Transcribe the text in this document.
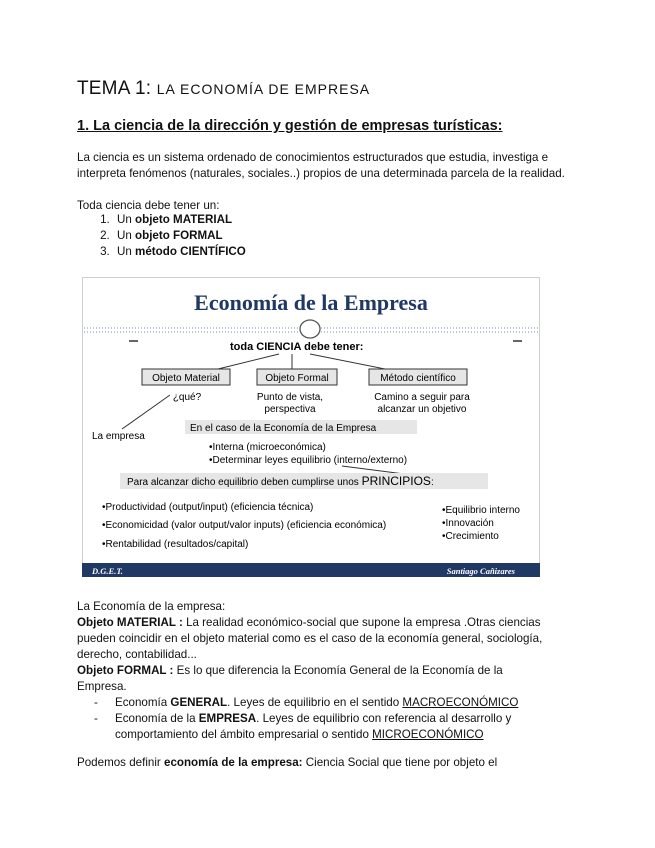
TEMA 1: LA ECONOMÍA DE EMPRESA
1. La ciencia de la dirección y gestión de empresas turísticas:
La ciencia es un sistema ordenado de conocimientos estructurados que estudia, investiga e interpreta fenómenos (naturales, sociales..) propios de una determinada parcela de la realidad.
Toda ciencia debe tener un:
1. Un objeto MATERIAL
2. Un objeto FORMAL
3. Un método CIENTÍFICO
Economía de la Empresa
toda CIENCIA debe tener:
Objeto Material	Objeto Formal	Método científico
¿qué?	Punto de vista,
perspectiva
Camino a seguir para
alcanzar un objetivo
La empresa
En el caso de la Economía de la Empresa
•Interna (microeconómica)
•Determinar leyes equilibrio (interno/externo)
Para alcanzar dicho equilibrio deben cumplirse unos PRINCIPIOS:
•Productividad (output/input) (eficiencia técnica)
•Economicidad (valor output/valor inputs) (eficiencia económica)
•Rentabilidad (resultados/capital)
•Equilibrio interno
•Innovación
•Crecimiento
D.G.E.T.	Santiago Cañizares

La Economía de la empresa:

Objeto MATERIAL : La realidad económico-social que supone la empresa .Otras ciencias pueden coincidir en el objeto material como es el caso de la economía general, sociología, derecho, contabilidad...

Objeto FORMAL : Es lo que diferencia la Economía General de la Economía de la Empresa.

- Economía GENERAL. Leyes de equilibrio en el sentido MACROECONÓMICO
- Economía de la EMPRESA. Leyes de equilibrio con referencia al desarrollo y comportamiento del ámbito empresarial o sentido MICROECONÓMICO
Podemos definir economía de la empresa: Ciencia Social que tiene por objeto el
